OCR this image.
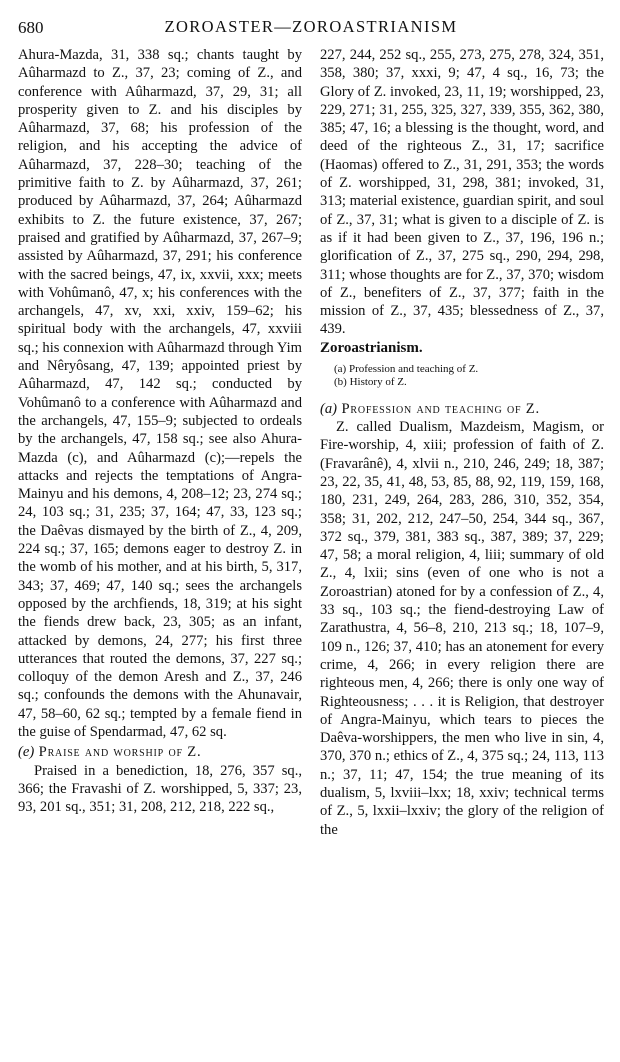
680	ZOROASTER—ZOROASTRIANISM

Ahura-Mazda, 31, 338 sq.; chants taught by Aûharmazd to Z., 37, 23; coming of Z., and conference with Aûharmazd, 37, 29, 31; all prosperity given to Z. and his disciples by Aûharmazd, 37, 68; his profession of the religion, and his accepting the advice of Aûharmazd, 37, 228–30; teaching of the primitive faith to Z. by Aûharmazd, 37, 261; produced by Aûharmazd, 37, 264; Aûharmazd exhibits to Z. the future existence, 37, 267; praised and gratified by Aûharmazd, 37, 267–9; assisted by Aûharmazd, 37, 291; his conference with the sacred beings, 47, ix, xxvii, xxx; meets with Vohûmanô, 47, x; his conferences with the archangels, 47, xv, xxi, xxiv, 159–62; his spiritual body with the archangels, 47, xxviii sq.; his connexion with Aûharmazd through Yim and Nêryôsang, 47, 139; appointed priest by Aûharmazd, 47, 142 sq.; conducted by Vohûmanô to a conference with Aûharmazd and the archangels, 47, 155–9; subjected to ordeals by the archangels, 47, 158 sq.; see also Ahura-Mazda (c), and Aûharmazd (c);—repels the attacks and rejects the temptations of Angra-Mainyu and his demons, 4, 208–12; 23, 274 sq.; 24, 103 sq.; 31, 235; 37, 164; 47, 33, 123 sq.; the Daêvas dismayed by the birth of Z., 4, 209, 224 sq.; 37, 165; demons eager to destroy Z. in the womb of his mother, and at his birth, 5, 317, 343; 37, 469; 47, 140 sq.; sees the archangels opposed by the archfiends, 18, 319; at his sight the fiends drew back, 23, 305; as an infant, attacked by demons, 24, 277; his first three utterances that routed the demons, 37, 227 sq.; colloquy of the demon Aresh and Z., 37, 246 sq.; confounds the demons with the Ahunavair, 47, 58–60, 62 sq.; tempted by a female fiend in the guise of Spendarmad, 47, 62 sq.

(e) Praise and worship of Z.

Praised in a benediction, 18, 276, 357 sq., 366; the Fravashi of Z. worshipped, 5, 337; 23, 93, 201 sq., 351; 31, 208, 212, 218, 222 sq.,

227, 244, 252 sq., 255, 273, 275, 278, 324, 351, 358, 380; 37, xxxi, 9; 47, 4 sq., 16, 73; the Glory of Z. invoked, 23, 11, 19; worshipped, 23, 229, 271; 31, 255, 325, 327, 339, 355, 362, 380, 385; 47, 16; a blessing is the thought, word, and deed of the righteous Z., 31, 17; sacrifice (Haomas) offered to Z., 31, 291, 353; the words of Z. worshipped, 31, 298, 381; invoked, 31, 313; material existence, guardian spirit, and soul of Z., 37, 31; what is given to a disciple of Z. is as if it had been given to Z., 37, 196, 196 n.; glorification of Z., 37, 275 sq., 290, 294, 298, 311; whose thoughts are for Z., 37, 370; wisdom of Z., benefiters of Z., 37, 377; faith in the mission of Z., 37, 435; blessedness of Z., 37, 439.

Zoroastrianism.
(a) Profession and teaching of Z.
(b) History of Z.

(a) Profession and teaching of Z.

Z. called Dualism, Mazdeism, Magism, or Fire-worship, 4, xiii; profession of faith of Z. (Fravarânê), 4, xlvii n., 210, 246, 249; 18, 387; 23, 22, 35, 41, 48, 53, 85, 88, 92, 119, 159, 168, 180, 231, 249, 264, 283, 286, 310, 352, 354, 358; 31, 202, 212, 247–50, 254, 344 sq., 367, 372 sq., 379, 381, 383 sq., 387, 389; 37, 229; 47, 58; a moral religion, 4, liii; summary of old Z., 4, lxii; sins (even of one who is not a Zoroastrian) atoned for by a confession of Z., 4, 33 sq., 103 sq.; the fiend-destroying Law of Zarathustra, 4, 56–8, 210, 213 sq.; 18, 107–9, 109 n., 126; 37, 410; has an atonement for every crime, 4, 266; in every religion there are righteous men, 4, 266; there is only one way of Righteousness; . . . it is Religion, that destroyer of Angra-Mainyu, which tears to pieces the Daêva-worshippers, the men who live in sin, 4, 370, 370 n.; ethics of Z., 4, 375 sq.; 24, 113, 113 n.; 37, 11; 47, 154; the true meaning of its dualism, 5, lxviii–lxx; 18, xxiv; technical terms of Z., 5, lxxii–lxxiv; the glory of the religion of the
